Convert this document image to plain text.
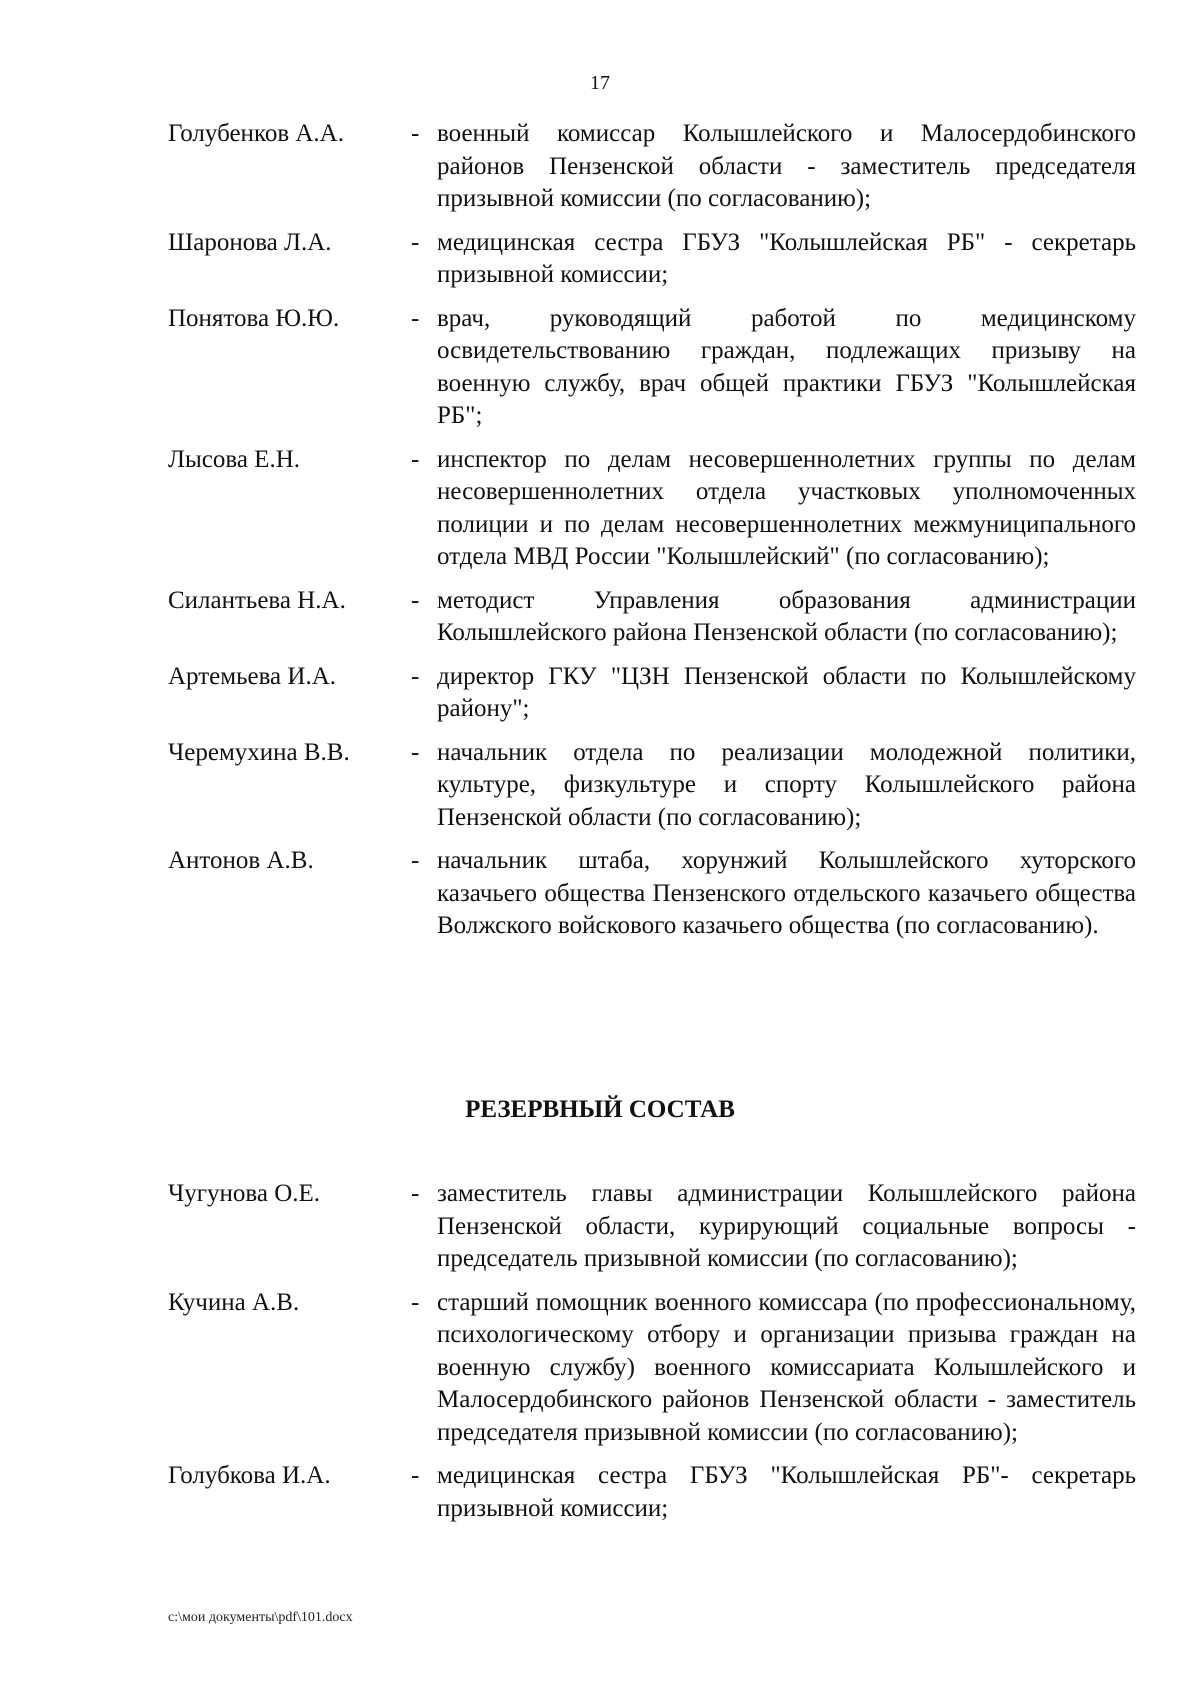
17
Голубенков А.А.	- военный комиссар Колышлейского и Малосердобинского районов Пензенской области - заместитель председателя призывной комиссии (по согласованию);
Шаронова Л.А.	- медицинская сестра ГБУЗ "Колышлейская РБ" - секретарь призывной комиссии;
Понятова Ю.Ю.	- врач, руководящий работой по медицинскому освидетельствованию граждан, подлежащих призыву на военную службу, врач общей практики ГБУЗ "Колышлейская РБ";
Лысова Е.Н.	- инспектор по делам несовершеннолетних группы по делам несовершеннолетних отдела участковых уполномоченных полиции и по делам несовершеннолетних межмуниципального отдела МВД России "Колышлейский" (по согласованию);
Силантьева Н.А.	- методист Управления образования администрации Колышлейского района Пензенской области (по согласованию);
Артемьева И.А.	- директор ГКУ "ЦЗН Пензенской области по Колышлейскому району";
Черемухина В.В.	- начальник отдела по реализации молодежной политики, культуре, физкультуре и спорту Колышлейского района Пензенской области (по согласованию);
Антонов А.В.	- начальник штаба, хорунжий Колышлейского хуторского казачьего общества Пензенского отдельского казачьего общества Волжского войскового казачьего общества (по согласованию).
РЕЗЕРВНЫЙ СОСТАВ
Чугунова О.Е.	- заместитель главы администрации Колышлейского района Пензенской области, курирующий социальные вопросы - председатель призывной комиссии (по согласованию);
Кучина А.В.	- старший помощник военного комиссара (по профессиональному, психологическому отбору и организации призыва граждан на военную службу) военного комиссариата Колышлейского и Малосердобинского районов Пензенской области - заместитель председателя призывной комиссии (по согласованию);
Голубкова И.А.	- медицинская сестра ГБУЗ "Колышлейская РБ"- секретарь призывной комиссии;
c:\мои документы\pdf\101.docx
